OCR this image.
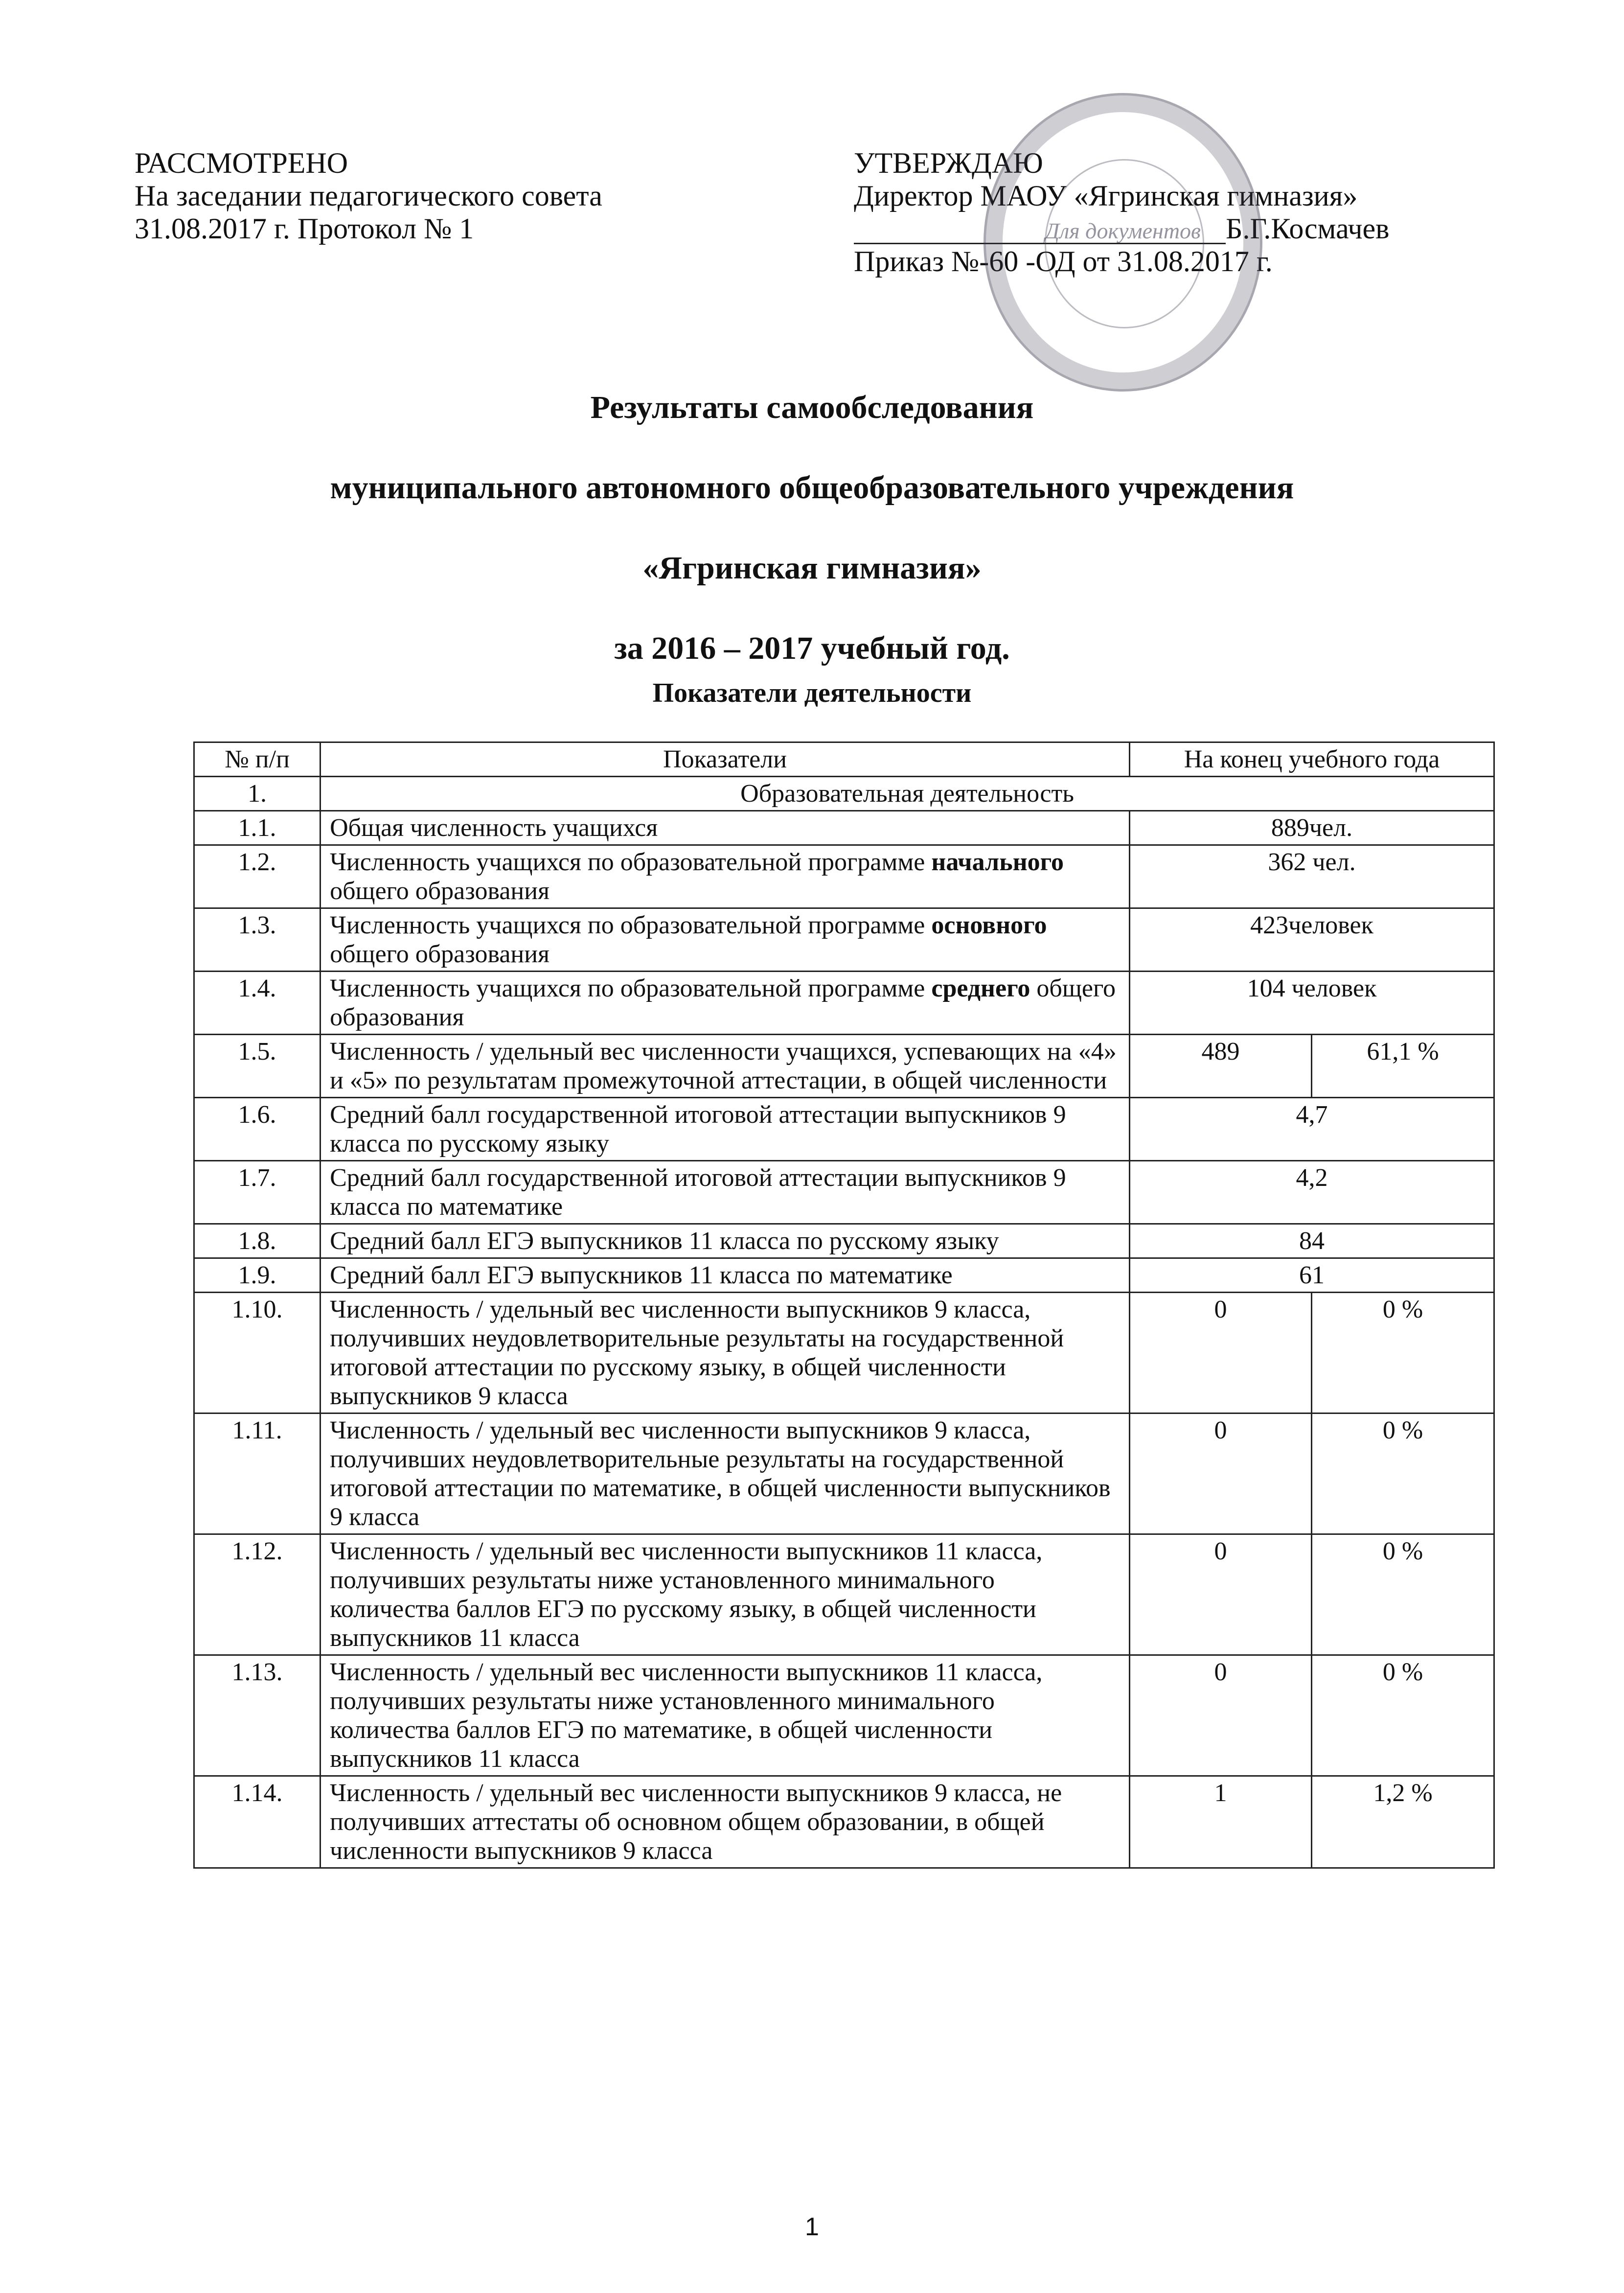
РАССМОТРЕНО
На заседании педагогического совета
31.08.2017 г. Протокол № 1
УТВЕРЖДАЮ
Директор МАОУ «Ягринская гимназия»
Б.Г.Космачев
Приказ №-60 -ОД от 31.08.2017 г.
Для документов
Результаты самообследования
муниципального автономного общеобразовательного учреждения
«Ягринская гимназия»
за 2016 – 2017 учебный год.
Показатели деятельности
№ п/п	Показатели	На конец учебного года	
1.	Образовательная деятельность		
1.1.	Общая численность учащихся	889чел.	
1.2.	Численность учащихся по образовательной программе начального общего образования	362 чел.	
1.3.	Численность учащихся по образовательной программе основного общего образования	423человек	
1.4.	Численность учащихся по образовательной программе среднего общего образования	104 человек	
1.5.	Численность / удельный вес численности учащихся, успевающих на «4» и «5» по результатам промежуточной аттестации, в общей численности	489	61,1 %
1.6.	Средний балл государственной итоговой аттестации выпускников 9 класса по русскому языку	4,7	
1.7.	Средний балл государственной итоговой аттестации выпускников 9 класса по математике	4,2	
1.8.	Средний балл ЕГЭ выпускников 11 класса по русскому языку	84	
1.9.	Средний балл ЕГЭ выпускников 11 класса по математике	61	
1.10.	Численность / удельный вес численности выпускников 9 класса, получивших неудовлетворительные результаты на государственной итоговой аттестации по русскому языку, в общей численности выпускников 9 класса	0	0 %
1.11.	Численность / удельный вес численности выпускников 9 класса, получивших неудовлетворительные результаты на государственной итоговой аттестации по математике, в общей численности выпускников 9 класса	0	0 %
1.12.	Численность / удельный вес численности выпускников 11 класса, получивших результаты ниже установленного минимального количества баллов ЕГЭ по русскому языку, в общей численности выпускников 11 класса	0	0 %
1.13.	Численность / удельный вес численности выпускников 11 класса, получивших результаты ниже установленного минимального количества баллов ЕГЭ по математике, в общей численности выпускников 11 класса	0	0 %
1.14.	Численность / удельный вес численности выпускников 9 класса, не получивших аттестаты об основном общем образовании, в общей численности выпускников 9 класса	1	1,2 %
1
